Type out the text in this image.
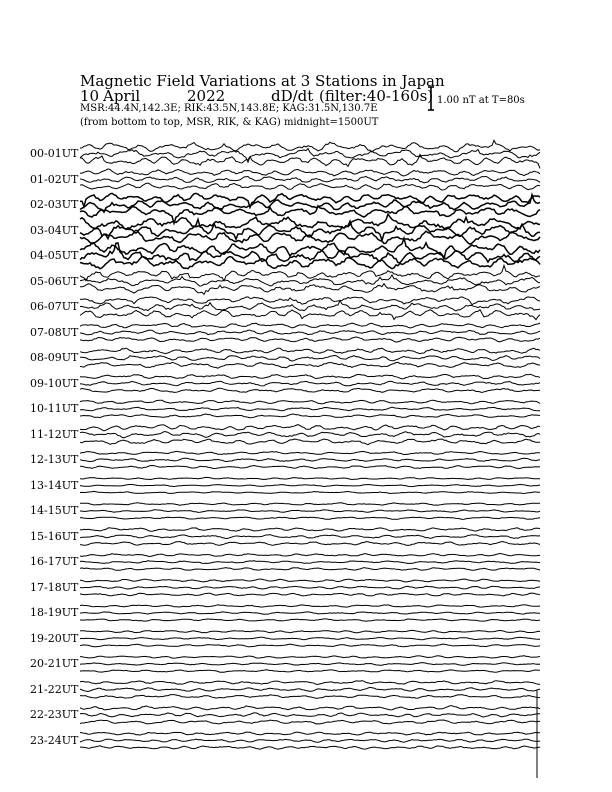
Magnetic Field Variations at 3 Stations in Japan
10 April	2022	dD/dt (filter:40-160s)
MSR:44.4N,142.3E; RIK:43.5N,143.8E; KAG:31.5N,130.7E
(from bottom to top, MSR, RIK, & KAG) midnight=1500UT
1.00 nT at T=80s
00-01UT
01-02UT
02-03UT
03-04UT
04-05UT
05-06UT
06-07UT
07-08UT
08-09UT
09-10UT
10-11UT
11-12UT
12-13UT
13-14UT
14-15UT
15-16UT
16-17UT
17-18UT
18-19UT
19-20UT
20-21UT
21-22UT
22-23UT
23-24UT
